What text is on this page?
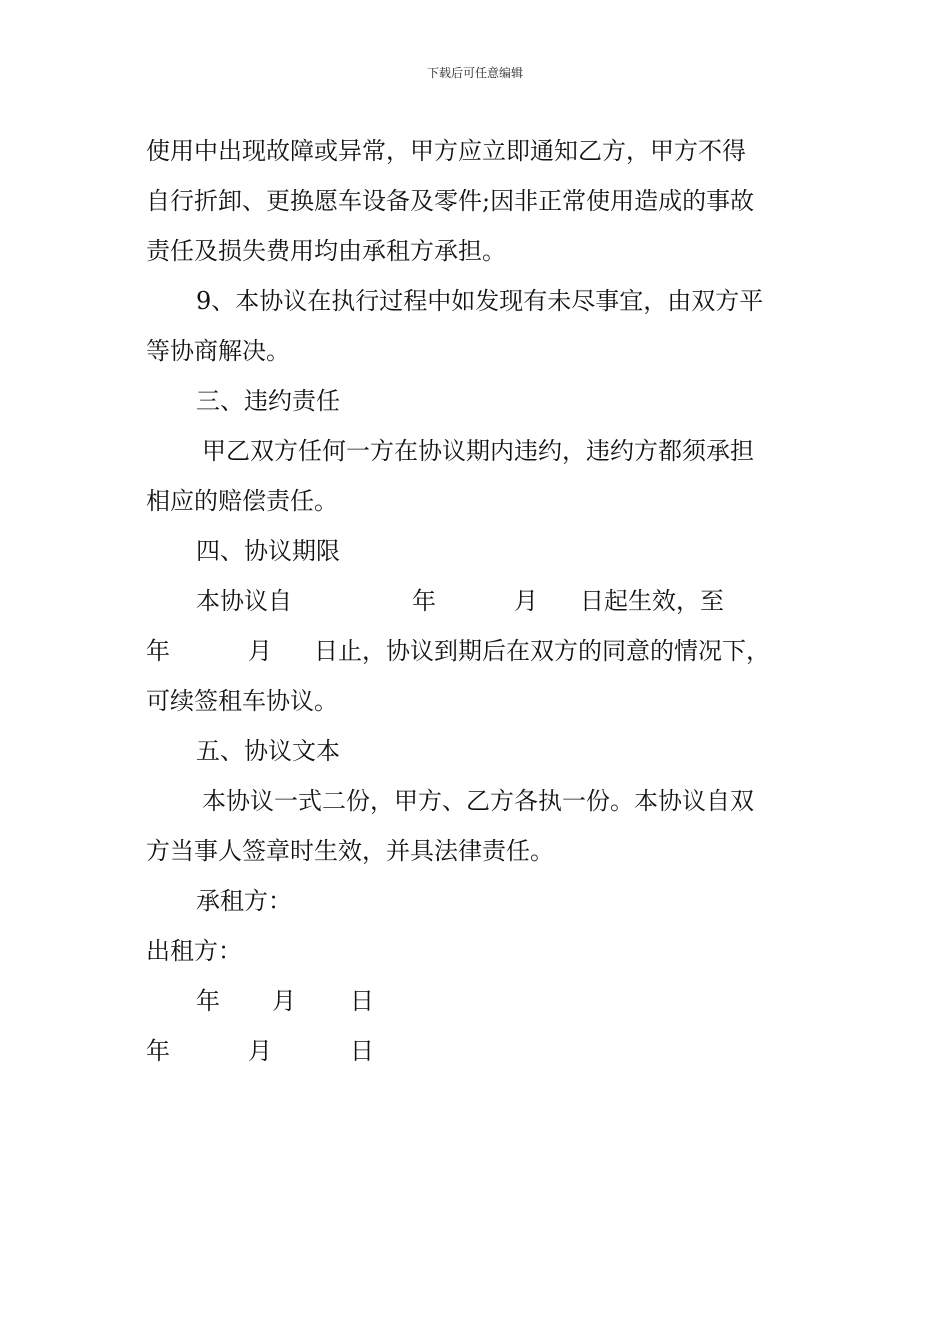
下载后可任意编辑
使用中出现故障或异常，甲方应立即通知乙方，甲方不得
自行折卸、更换愿车设备及零件;因非正常使用造成的事故
责任及损失费用均由承租方承担。
9、本协议在执行过程中如发现有未尽事宜，由双方平
等协商解决。
三、违约责任
甲乙双方任何一方在协议期内违约，违约方都须承担
相应的赔偿责任。
四、协议期限
本协议自	年	月 日起生效，至
年	月 日止，协议到期后在双方的同意的情况下，
可续签租车协议。
五、协议文本
本协议一式二份，甲方、乙方各执一份。本协议自双
方当事人签章时生效，并具法律责任。
承租方：
出租方：
年 月 日
年	月	日
